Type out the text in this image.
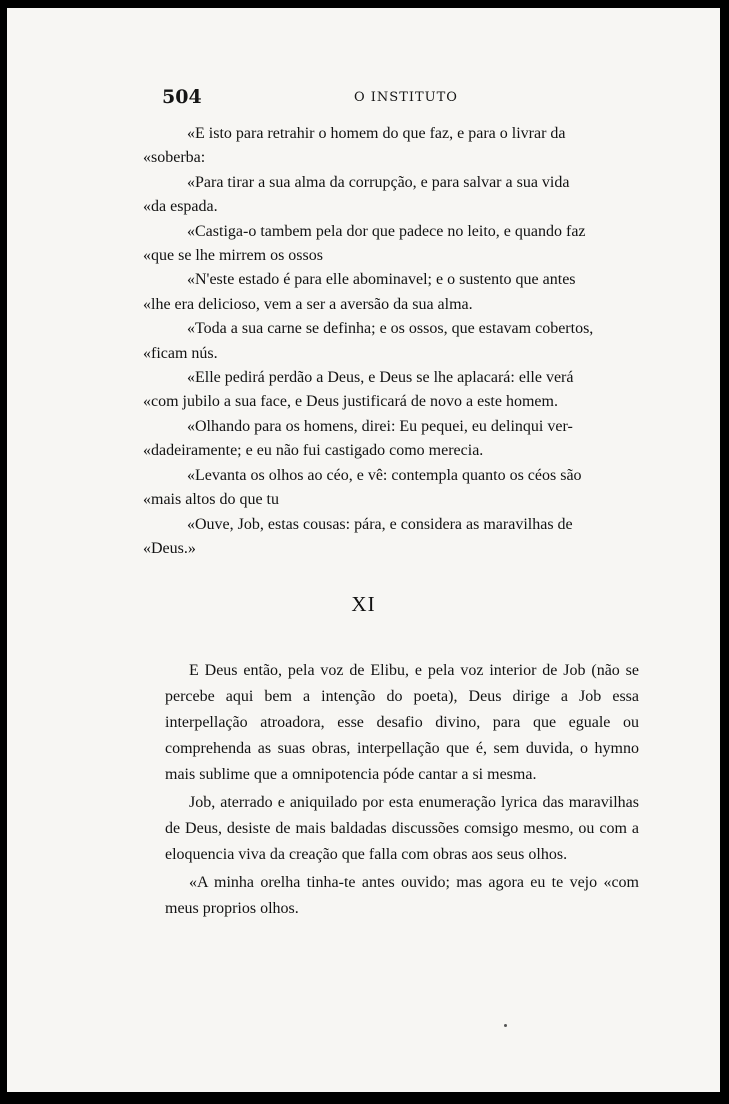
504	O INSTITUTO

«E isto para retrahir o homem do que faz, e para o livrar da
«soberba:

«Para tirar a sua alma da corrupção, e para salvar a sua vida
«da espada.

«Castiga-o tambem pela dor que padece no leito, e quando faz
«que se lhe mirrem os ossos

«N'este estado é para elle abominavel; e o sustento que antes
«lhe era delicioso, vem a ser a aversão da sua alma.

«Toda a sua carne se definha; e os ossos, que estavam cobertos,
«ficam nús.

«Elle pedirá perdão a Deus, e Deus se lhe aplacará: elle verá
«com jubilo a sua face, e Deus justificará de novo a este homem.

«Olhando para os homens, direi: Eu pequei, eu delinqui ver-
«dadeiramente; e eu não fui castigado como merecia.

«Levanta os olhos ao céo, e vê: contempla quanto os céos são
«mais altos do que tu

«Ouve, Job, estas cousas: pára, e considera as maravilhas de
«Deus.»

XI

E Deus então, pela voz de Elibu, e pela voz interior de Job (não se percebe aqui bem a intenção do poeta), Deus dirige a Job essa interpellação atroadora, esse desafio divino, para que eguale ou comprehenda as suas obras, interpellação que é, sem duvida, o hymno mais sublime que a omnipotencia póde cantar a si mesma.

Job, aterrado e aniquilado por esta enumeração lyrica das maravilhas de Deus, desiste de mais baldadas discussões comsigo mesmo, ou com a eloquencia viva da creação que falla com obras aos seus olhos.

«A minha orelha tinha-te antes ouvido; mas agora eu te vejo «com meus proprios olhos.
